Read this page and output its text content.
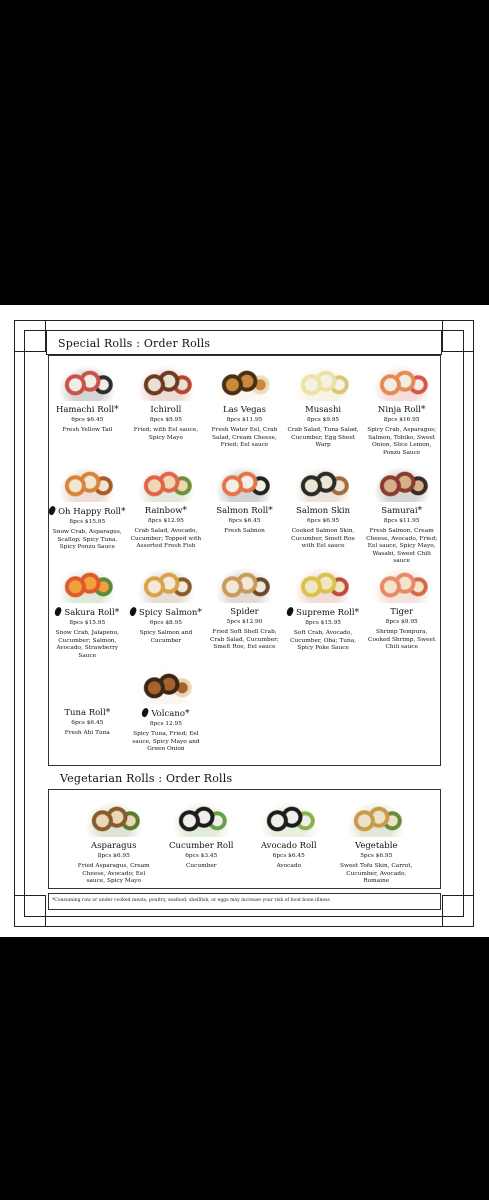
Special Rolls : Order Rolls
Hamachi Roll*
6pcs $6.45
Fresh Yellow Tail
Ichiroll
8pcs $9.95
Fried; with Eel sauce, Spicy Mayo
Las Vegas
8pcs $11.95
Fresh Water Eel, Crab Salad, Cream Cheese, Fried; Eel sauce
Musashi
8pcs $9.95
Crab Salad, Tuna Salad, Cucumber, Egg Sheet Warp
Ninja Roll*
8pcs $16.95
Spicy Crab, Asparagus; Salmon, Tobiko, Sweet Onion, Slice Lemon, Ponzu Sauce
Oh Happy Roll*
8pcs $15.95
Snow Crab, Asparagus, Scallop; Spicy Tuna, Spicy Ponzu Sauce
Rainbow*
8pcs $12.95
Crab Salad, Avocado, Cucumber; Topped with Assorted Fresh Fish
Salmon Roll*
6pcs $6.45
Fresh Salmon
Salmon Skin
6pcs $6.95
Cooked Salmon Skin, Cucumber, Smelt Roe with Eel sauce
Samurai*
8pcs $11.95
Fresh Salmon, Cream Cheese, Avocado, Fried; Eel sauce, Spicy Mayo, Wasabi, Sweet Chili sauce
Sakura Roll*
8pcs $15.95
Snow Crab, Jalapeno, Cucumber; Salmon, Avocado, Strawberry Sauce
Spicy Salmon*
6pcs $8.95
Spicy Salmon and Cucumber
Spider
5pcs $12.90
Fried Soft Shell Crab, Crab Salad, Cucumber; Smelt Roe, Eel sauce
Supreme Roll*
8pcs $15.95
Soft Crab, Avocado, Cucumber, Oba; Tuna, Spicy Poke Sauce
Tiger
8pcs $9.95
Shrimp Tempura, Cooked Shrimp, Sweet Chili sauce
Tuna Roll*
6pcs $6.45
Fresh Ahi Tuna
Volcano*
8pcs 12.95
Spicy Tuna, Fried; Eel sauce, Spicy Mayo and Green Onion
Vegetarian Rolls : Order Rolls
Asparagus
8pcs $6.95
Fried Asparagus, Cream Cheese, Avocado; Eel sauce, Spicy Mayo
Cucumber Roll
6pcs $3.45
Cucumber
Avocado Roll
6pcs $6.45
Avocado
Vegetable
5pcs $6.95
Sweet Tofu Skin, Carrot, Cucumber, Avocado, Romaine
*Consuming raw or under cooked meats, poultry, seafood, shellfish, or eggs may increase your risk of food bone illness
